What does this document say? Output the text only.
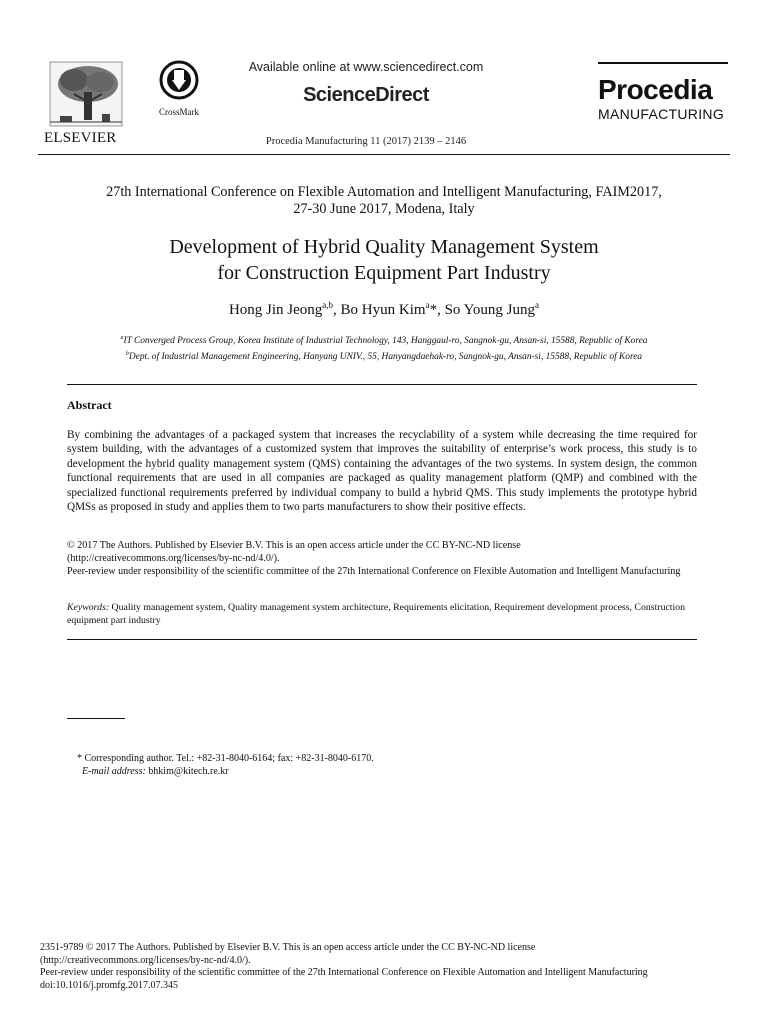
ELSEVIER
CrossMark
Available online at www.sciencedirect.com
ScienceDirect
Procedia Manufacturing 11 (2017) 2139 – 2146
Procedia
MANUFACTURING
27th International Conference on Flexible Automation and Intelligent Manufacturing, FAIM2017,
27-30 June 2017, Modena, Italy
Development of Hybrid Quality Management System
for Construction Equipment Part Industry
Hong Jin Jeong$^{a,b}$, Bo Hyun Kim$^a$*, So Young Jung$^a$
$^a$IT Converged Process Group, Korea Institute of Industrial Technology, 143, Hanggaul-ro, Sangnok-gu, Ansan-si, 15588, Republic of Korea
$^b$Dept. of Industrial Management Engineering, Hanyang UNIV., 55, Hanyangdaehak-ro, Sangnok-gu, Ansan-si, 15588, Republic of Korea
Abstract
By combining the advantages of a packaged system that increases the recyclability of a system while decreasing the time required for system building, with the advantages of a customized system that improves the suitability of enterprise’s work process, this study is to development the hybrid quality management system (QMS) containing the advantages of the two systems. In system design, the common functional requirements that are used in all companies are packaged as quality management platform (QMP) and combined with the specialized functional requirements preferred by individual company to build a hybrid QMS. This study implements the prototype hybrid QMSs as proposed in study and applies them to two parts manufacturers to show their positive effects.
© 2017 The Authors. Published by Elsevier B.V. This is an open access article under the CC BY-NC-ND license
(http://creativecommons.org/licenses/by-nc-nd/4.0/).
Peer-review under responsibility of the scientific committee of the 27th International Conference on Flexible Automation and Intelligent Manufacturing
Keywords: Quality management system, Quality management system architecture, Requirements elicitation, Requirement development process, Construction equipment part industry
* Corresponding author. Tel.: +82-31-8040-6164; fax: +82-31-8040-6170.
E-mail address: bhkim@kitech.re.kr
2351-9789 © 2017 The Authors. Published by Elsevier B.V. This is an open access article under the CC BY-NC-ND license
(http://creativecommons.org/licenses/by-nc-nd/4.0/).
Peer-review under responsibility of the scientific committee of the 27th International Conference on Flexible Automation and Intelligent Manufacturing
doi:10.1016/j.promfg.2017.07.345
